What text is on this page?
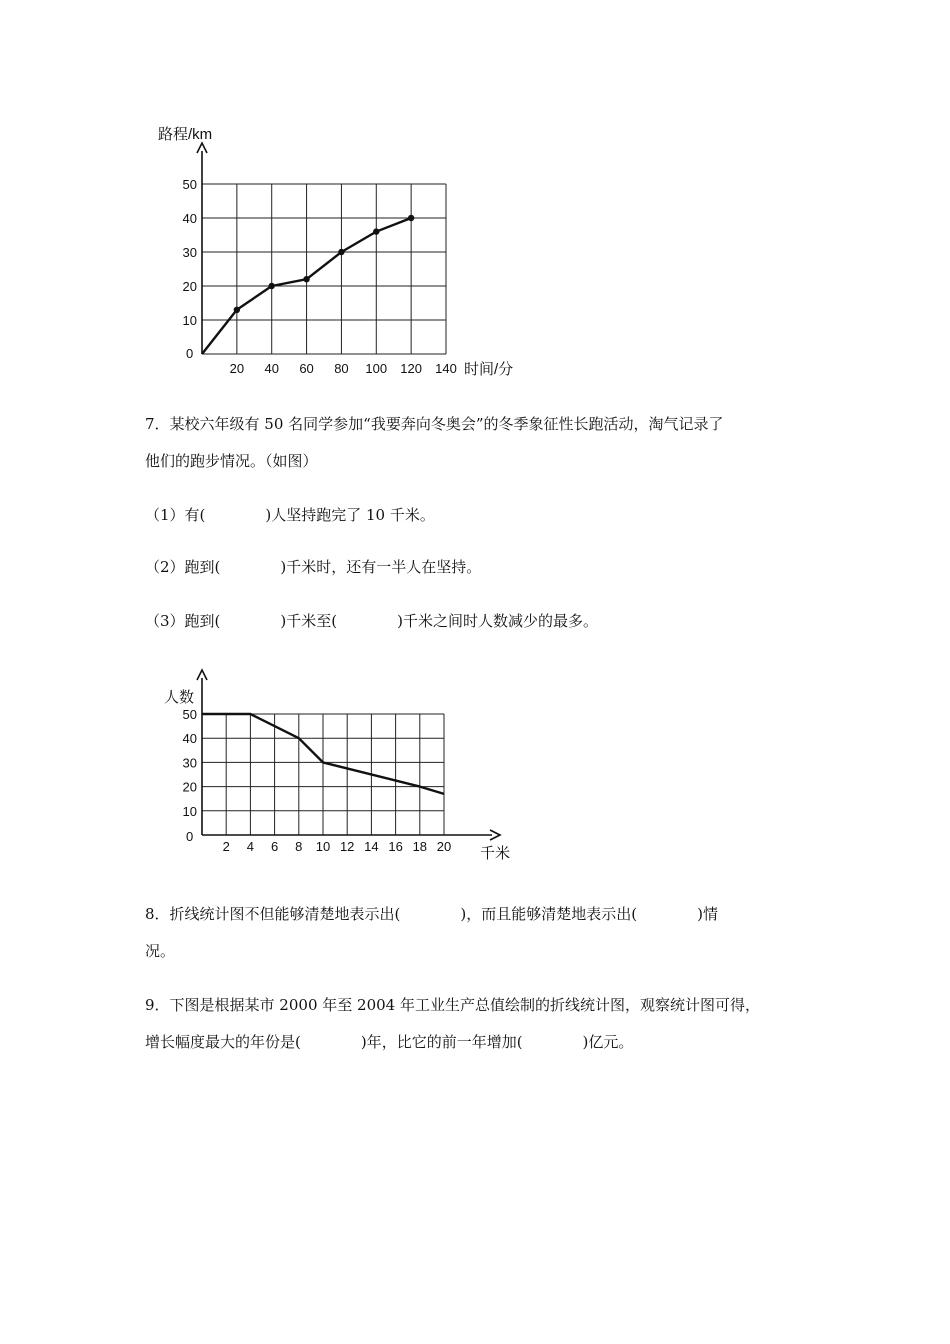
路程/km
时间/分
0
20 40 60 80 100 120 140
10
20
30
40
50
7．某校六年级有 50 名同学参加“我要奔向冬奥会”的冬季象征性长跑活动，淘气记录了
他们的跑步情况。（如图）
（1）有(　　　　)人坚持跑完了 10 千米。
（2）跑到(　　　　)千米时，还有一半人在坚持。
（3）跑到(　　　　)千米至(　　　　)千米之间时人数减少的最多。
人数
千米
0
2 4 6 8 10 12 14 16 18 20
10
20
30
40
50
8．折线统计图不但能够清楚地表示出(　　　　)，而且能够清楚地表示出(　　　　)情
况。
9．下图是根据某市 2000 年至 2004 年工业生产总值绘制的折线统计图，观察统计图可得，
增长幅度最大的年份是(　　　　)年，比它的前一年增加(　　　　)亿元。
